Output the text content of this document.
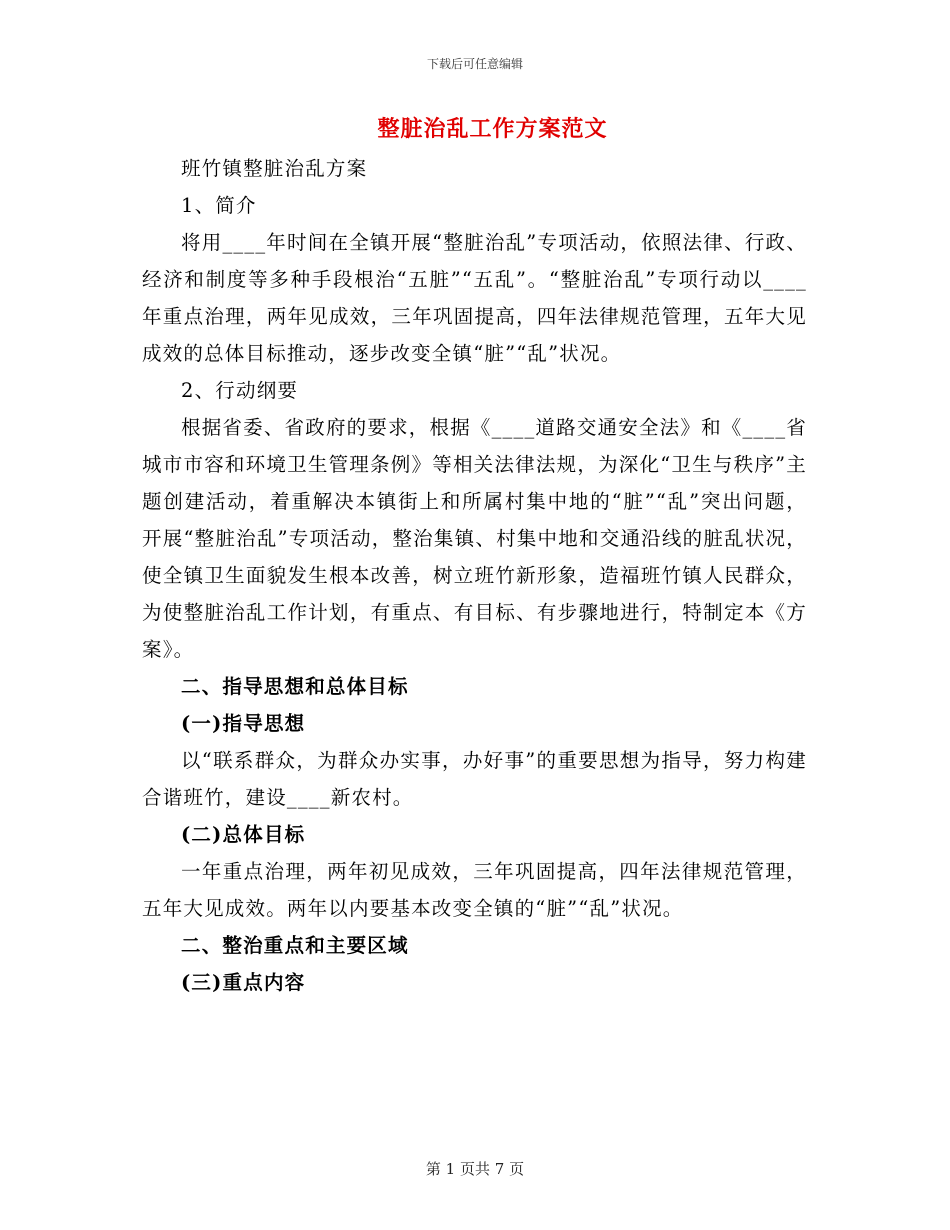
下载后可任意编辑
整脏治乱工作方案范文

班竹镇整脏治乱方案

1、简介

将用____年时间在全镇开展“整脏治乱”专项活动，依照法律、行政、经济和制度等多种手段根治“五脏”“五乱”。“整脏治乱”专项行动以____年重点治理，两年见成效，三年巩固提高，四年法律规范管理，五年大见成效的总体目标推动，逐步改变全镇“脏”“乱”状况。

2、行动纲要

根据省委、省政府的要求，根据《____道路交通安全法》和《____省城市市容和环境卫生管理条例》等相关法律法规，为深化“卫生与秩序”主题创建活动，着重解决本镇街上和所属村集中地的“脏”“乱”突出问题，开展“整脏治乱”专项活动，整治集镇、村集中地和交通沿线的脏乱状况，使全镇卫生面貌发生根本改善，树立班竹新形象，造福班竹镇人民群众，为使整脏治乱工作计划，有重点、有目标、有步骤地进行，特制定本《方案》。

二、指导思想和总体目标

(一)指导思想

以“联系群众，为群众办实事，办好事”的重要思想为指导，努力构建合谐班竹，建设____新农村。

(二)总体目标

一年重点治理，两年初见成效，三年巩固提高，四年法律规范管理，五年大见成效。两年以内要基本改变全镇的“脏”“乱”状况。

二、整治重点和主要区域

(三)重点内容

第 1 页共 7 页
